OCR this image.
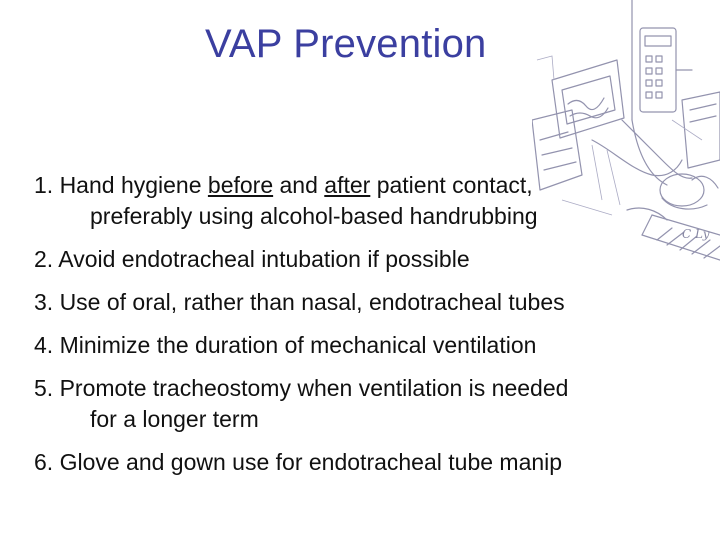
C Ly
VAP Prevention
1. Hand hygiene before and after patient contact,
preferably using alcohol-based handrubbing
2. Avoid endotracheal intubation if possible
3. Use of oral, rather than nasal, endotracheal tubes
4. Minimize the duration of mechanical ventilation
5. Promote tracheostomy when ventilation is needed
for a longer term
6. Glove and gown use for endotracheal tube manip
